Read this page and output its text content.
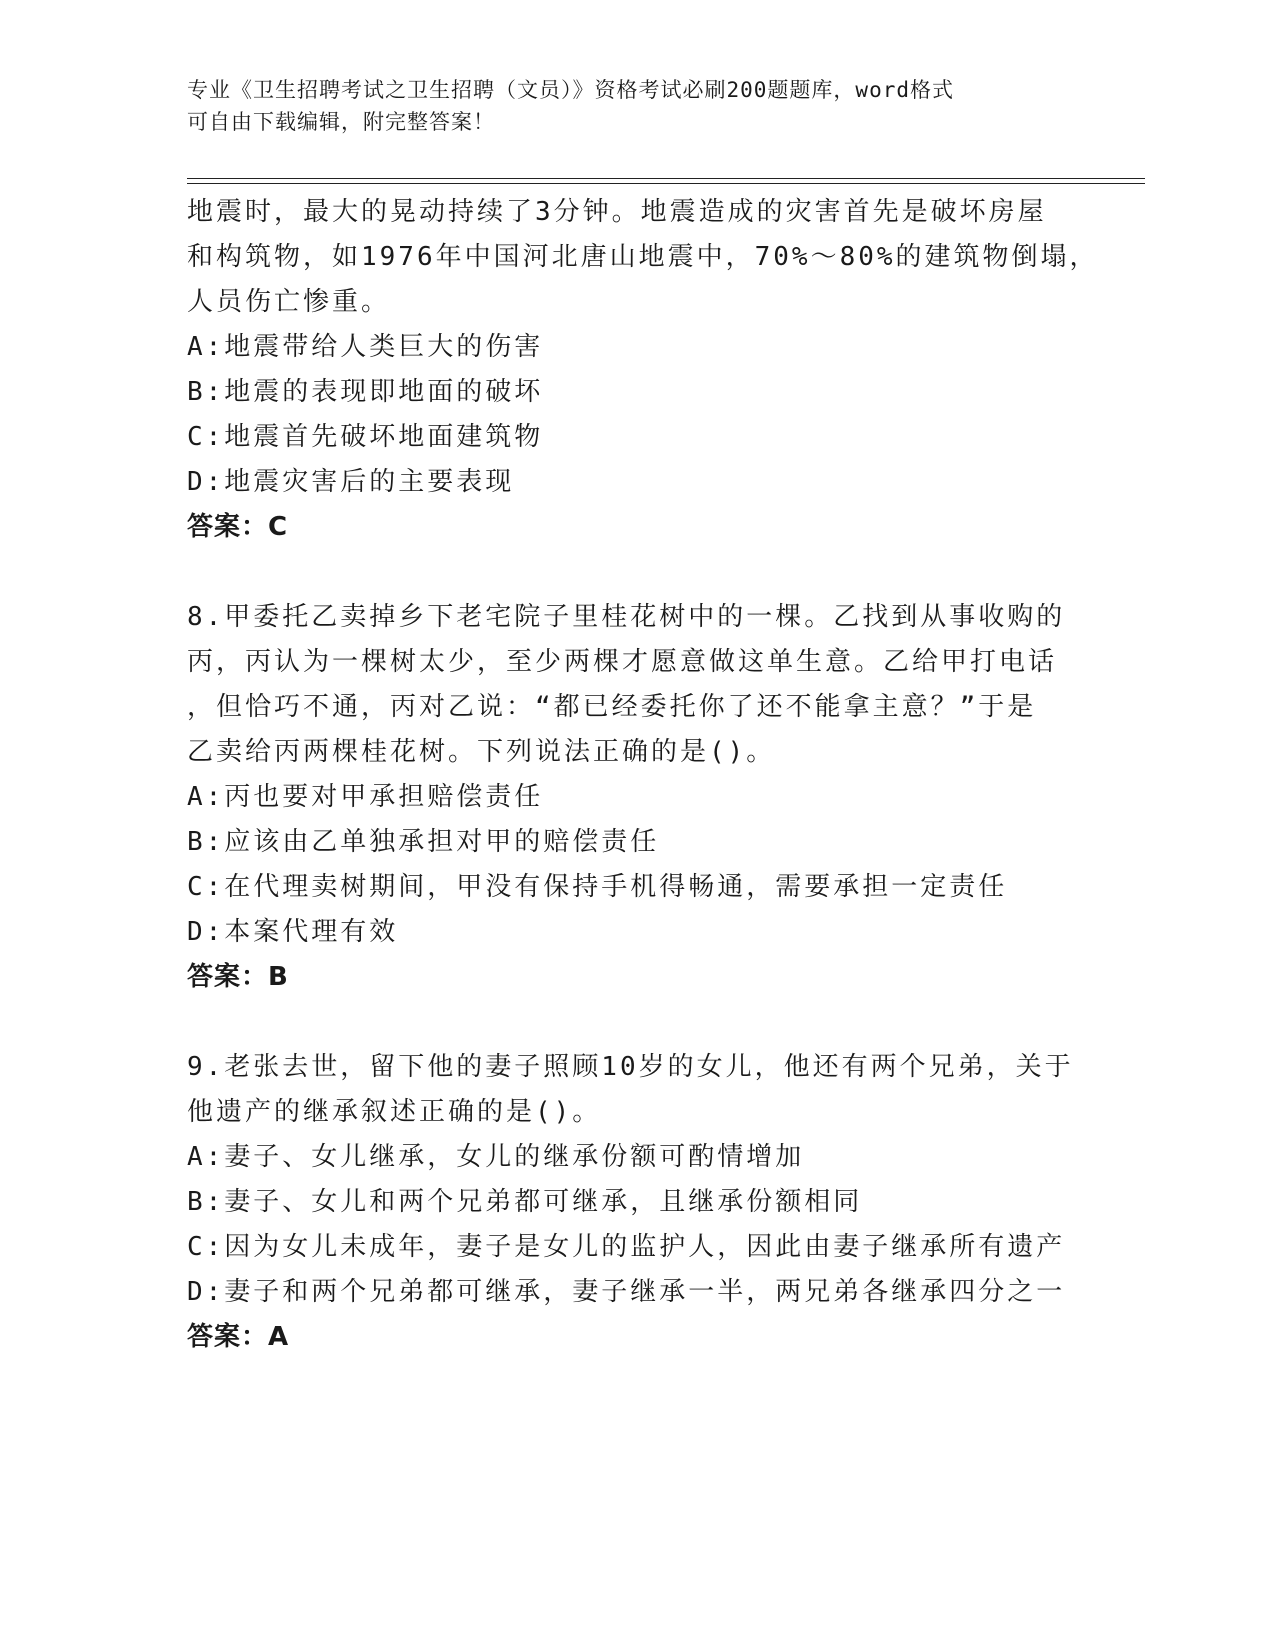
专业《卫生招聘考试之卫生招聘（文员）》资格考试必刷200题题库，word格式
可自由下载编辑，附完整答案！
地震时，最大的晃动持续了3分钟。地震造成的灾害首先是破坏房屋
和构筑物，如1976年中国河北唐山地震中，70%～80%的建筑物倒塌，
人员伤亡惨重。
A:地震带给人类巨大的伤害
B:地震的表现即地面的破坏
C:地震首先破坏地面建筑物
D:地震灾害后的主要表现
答案：C
8.甲委托乙卖掉乡下老宅院子里桂花树中的一棵。乙找到从事收购的
丙，丙认为一棵树太少，至少两棵才愿意做这单生意。乙给甲打电话
，但恰巧不通，丙对乙说：“都已经委托你了还不能拿主意？”于是
乙卖给丙两棵桂花树。下列说法正确的是()。
A:丙也要对甲承担赔偿责任
B:应该由乙单独承担对甲的赔偿责任
C:在代理卖树期间，甲没有保持手机得畅通，需要承担一定责任
D:本案代理有效
答案：B
9.老张去世，留下他的妻子照顾10岁的女儿，他还有两个兄弟，关于
他遗产的继承叙述正确的是()。
A:妻子、女儿继承，女儿的继承份额可酌情增加
B:妻子、女儿和两个兄弟都可继承，且继承份额相同
C:因为女儿未成年，妻子是女儿的监护人，因此由妻子继承所有遗产
D:妻子和两个兄弟都可继承，妻子继承一半，两兄弟各继承四分之一
答案：A
